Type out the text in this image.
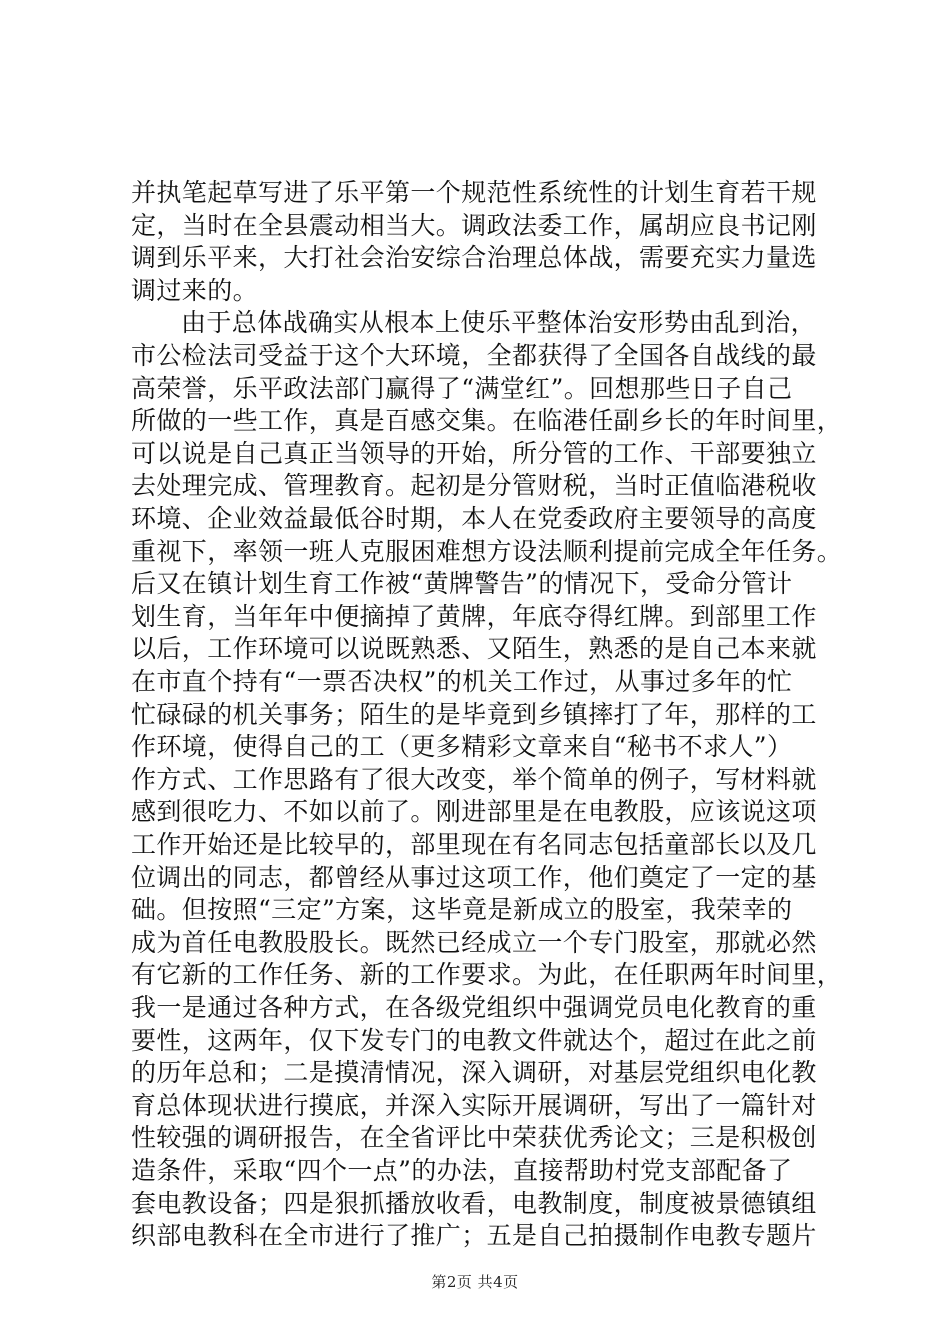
并执笔起草写进了乐平第一个规范性系统性的计划生育若干规
定，当时在全县震动相当大。调政法委工作，属胡应良书记刚
调到乐平来，大打社会治安综合治理总体战，需要充实力量选
调过来的。
由于总体战确实从根本上使乐平整体治安形势由乱到治，
市公检法司受益于这个大环境，全都获得了全国各自战线的最
高荣誉，乐平政法部门赢得了“满堂红”。回想那些日子自己
所做的一些工作，真是百感交集。在临港任副乡长的年时间里，
可以说是自己真正当领导的开始，所分管的工作、干部要独立
去处理完成、管理教育。起初是分管财税，当时正值临港税收
环境、企业效益最低谷时期，本人在党委政府主要领导的高度
重视下，率领一班人克服困难想方设法顺利提前完成全年任务。
后又在镇计划生育工作被“黄牌警告”的情况下，受命分管计
划生育，当年年中便摘掉了黄牌，年底夺得红牌。到部里工作
以后，工作环境可以说既熟悉、又陌生，熟悉的是自己本来就
在市直个持有“一票否决权”的机关工作过，从事过多年的忙
忙碌碌的机关事务；陌生的是毕竟到乡镇摔打了年，那样的工
作环境，使得自己的工（更多精彩文章来自“秘书不求人”）
作方式、工作思路有了很大改变，举个简单的例子，写材料就
感到很吃力、不如以前了。刚进部里是在电教股，应该说这项
工作开始还是比较早的，部里现在有名同志包括童部长以及几
位调出的同志，都曾经从事过这项工作，他们奠定了一定的基
础。但按照“三定”方案，这毕竟是新成立的股室，我荣幸的
成为首任电教股股长。既然已经成立一个专门股室，那就必然
有它新的工作任务、新的工作要求。为此，在任职两年时间里，
我一是通过各种方式，在各级党组织中强调党员电化教育的重
要性，这两年，仅下发专门的电教文件就达个，超过在此之前
的历年总和；二是摸清情况，深入调研，对基层党组织电化教
育总体现状进行摸底，并深入实际开展调研，写出了一篇针对
性较强的调研报告，在全省评比中荣获优秀论文；三是积极创
造条件，采取“四个一点”的办法，直接帮助村党支部配备了
套电教设备；四是狠抓播放收看，电教制度，制度被景德镇组
织部电教科在全市进行了推广；五是自己拍摄制作电教专题片
第2页 共4页
